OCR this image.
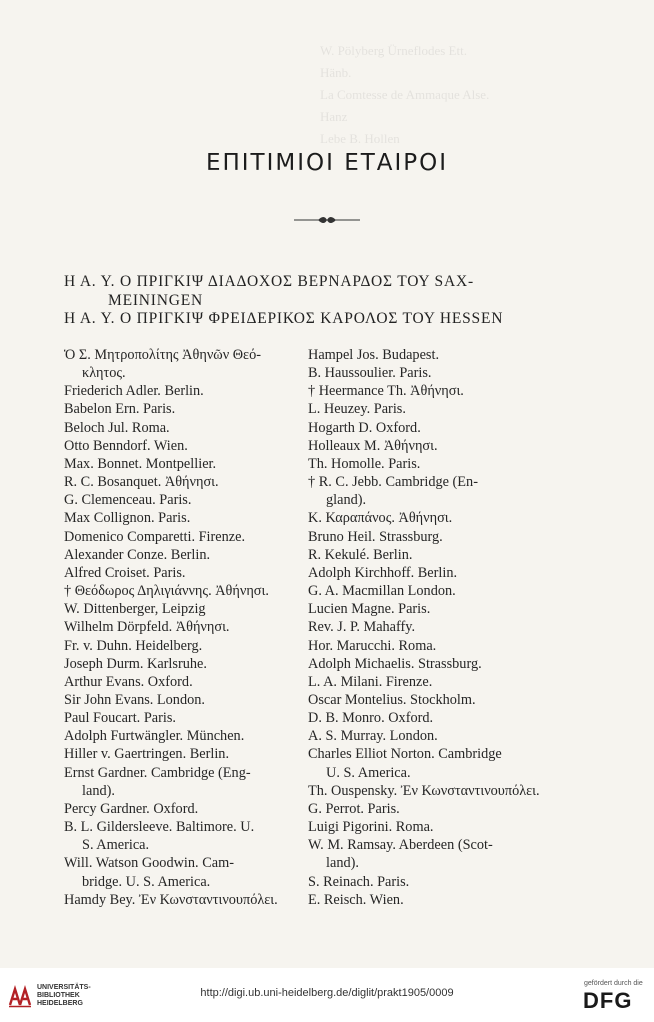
W. Pölyberg Ürneflodes Ett.
Hänb.
La Comtesse de Ammaque Alse.
Hanz
Lebe B. Hollen
ΕΠΙΤΙΜΙΟΙ ΕΤΑΙΡΟΙ
Η Α. Υ. Ο ΠΡΙΓΚΙΨ ΔΙΑΔΟΧΟΣ ΒΕΡΝΑΡΔΟΣ ΤΟΥ SAX-
MEININGEN
Η Α. Υ. Ο ΠΡΙΓΚΙΨ ΦΡΕΙΔΕΡΙΚΟΣ ΚΑΡΟΛΟΣ ΤΟΥ HESSEN
Ὁ Σ. Μητροπολίτης Ἀθηνῶν Θεό-
κλητος.
Friederich Adler. Berlin.
Babelon Ern. Paris.
Beloch Jul. Roma.
Otto Benndorf. Wien.
Max. Bonnet. Montpellier.
R. C. Bosanquet. Ἀθήνησι.
G. Clemenceau. Paris.
Max Collignon. Paris.
Domenico Comparetti. Firenze.
Alexander Conze. Berlin.
Alfred Croiset. Paris.
† Θεόδωρος Δηλιγιάννης. Ἀθήνησι.
W. Dittenberger, Leipzig
Wilhelm Dörpfeld. Ἀθήνησι.
Fr. v. Duhn. Heidelberg.
Joseph Durm. Karlsruhe.
Arthur Evans. Oxford.
Sir John Evans. London.
Paul Foucart. Paris.
Adolph Furtwängler. München.
Hiller v. Gaertringen. Berlin.
Ernst Gardner. Cambridge (Eng-
land).
Percy Gardner. Oxford.
B. L. Gildersleeve. Baltimore. U.
S. America.
Will. Watson Goodwin. Cam-
bridge. U. S. America.
Hamdy Bey. Ἐν Κωνσταντινουπόλει.
Hampel Jos. Budapest.
B. Haussoulier. Paris.
† Heermance Th. Ἀθήνησι.
L. Heuzey. Paris.
Hogarth D. Oxford.
Holleaux M. Ἀθήνησι.
Th. Homolle. Paris.
† R. C. Jebb. Cambridge (En-
gland).
K. Καραπάνος. Ἀθήνησι.
Bruno Heil. Strassburg.
R. Kekulé. Berlin.
Adolph Kirchhoff. Berlin.
G. A. Macmillan London.
Lucien Magne. Paris.
Rev. J. P. Mahaffy.
Hor. Marucchi. Roma.
Adolph Michaelis. Strassburg.
L. A. Milani. Firenze.
Oscar Montelius. Stockholm.
D. B. Monro. Oxford.
A. S. Murray. London.
Charles Elliot Norton. Cambridge
U. S. America.
Th. Ouspensky. Ἐν Κωνσταντινουπόλει.
G. Perrot. Paris.
Luigi Pigorini. Roma.
W. M. Ramsay. Aberdeen (Scot-
land).
S. Reinach. Paris.
E. Reisch. Wien.
UNIVERSITÄTS-
BIBLIOTHEK
HEIDELBERG
http://digi.ub.uni-heidelberg.de/diglit/prakt1905/0009
gefördert durch die
DFG
